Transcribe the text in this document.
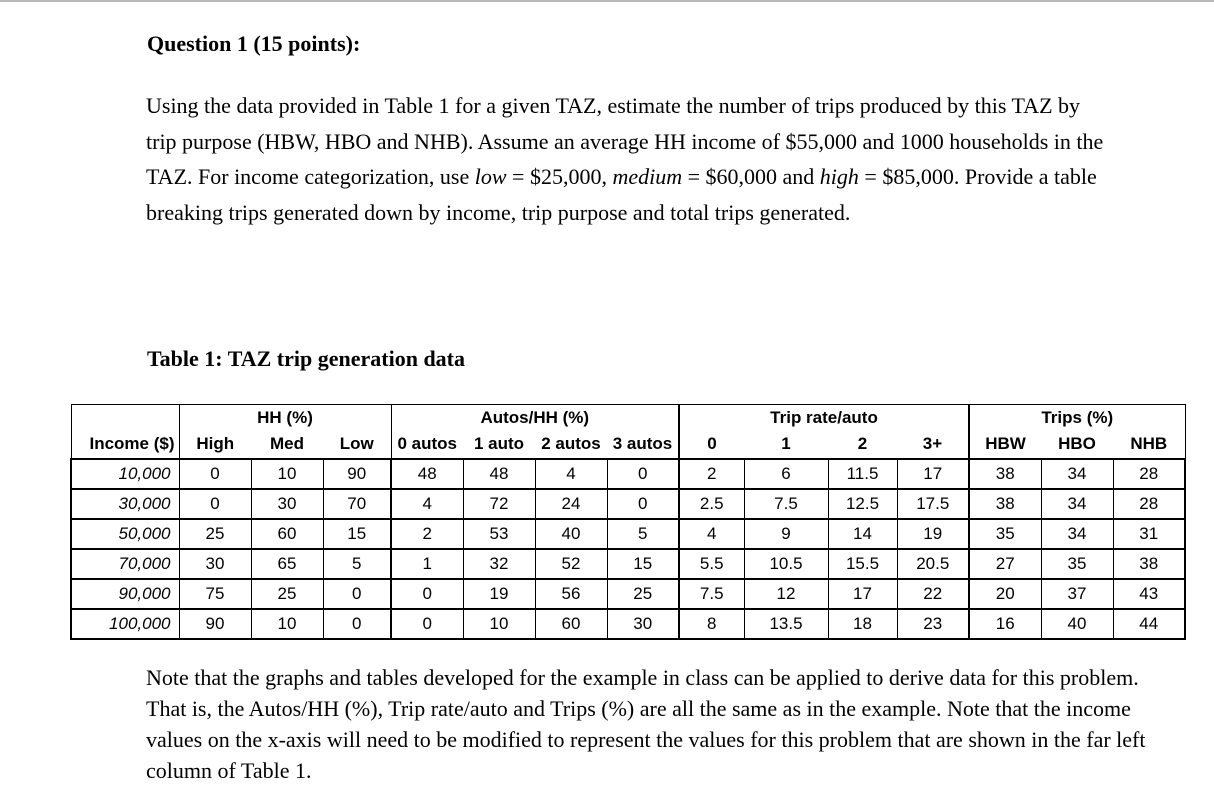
Question 1 (15 points):
Using the data provided in Table 1 for a given TAZ, estimate the number of trips produced by this TAZ by trip purpose (HBW, HBO and NHB). Assume an average HH income of $55,000 and 1000 households in the TAZ. For income categorization, use low = $25,000, medium = $60,000 and high = $85,000. Provide a table breaking trips generated down by income, trip purpose and total trips generated.
Table 1: TAZ trip generation data
	HH (%)			Autos/HH (%)				Trip rate/auto				Trips (%)		
Income ($)	High	Med	Low	0 autos	1 auto	2 autos	3 autos	0	1	2	3+	HBW	HBO	NHB
10,000	0	10	90	48	48	4	0	2	6	11.5	17	38	34	28
30,000	0	30	70	4	72	24	0	2.5	7.5	12.5	17.5	38	34	28
50,000	25	60	15	2	53	40	5	4	9	14	19	35	34	31
70,000	30	65	5	1	32	52	15	5.5	10.5	15.5	20.5	27	35	38
90,000	75	25	0	0	19	56	25	7.5	12	17	22	20	37	43
100,000	90	10	0	0	10	60	30	8	13.5	18	23	16	40	44
Note that the graphs and tables developed for the example in class can be applied to derive data for this problem. That is, the Autos/HH (%), Trip rate/auto and Trips (%) are all the same as in the example. Note that the income values on the x-axis will need to be modified to represent the values for this problem that are shown in the far left column of Table 1.
